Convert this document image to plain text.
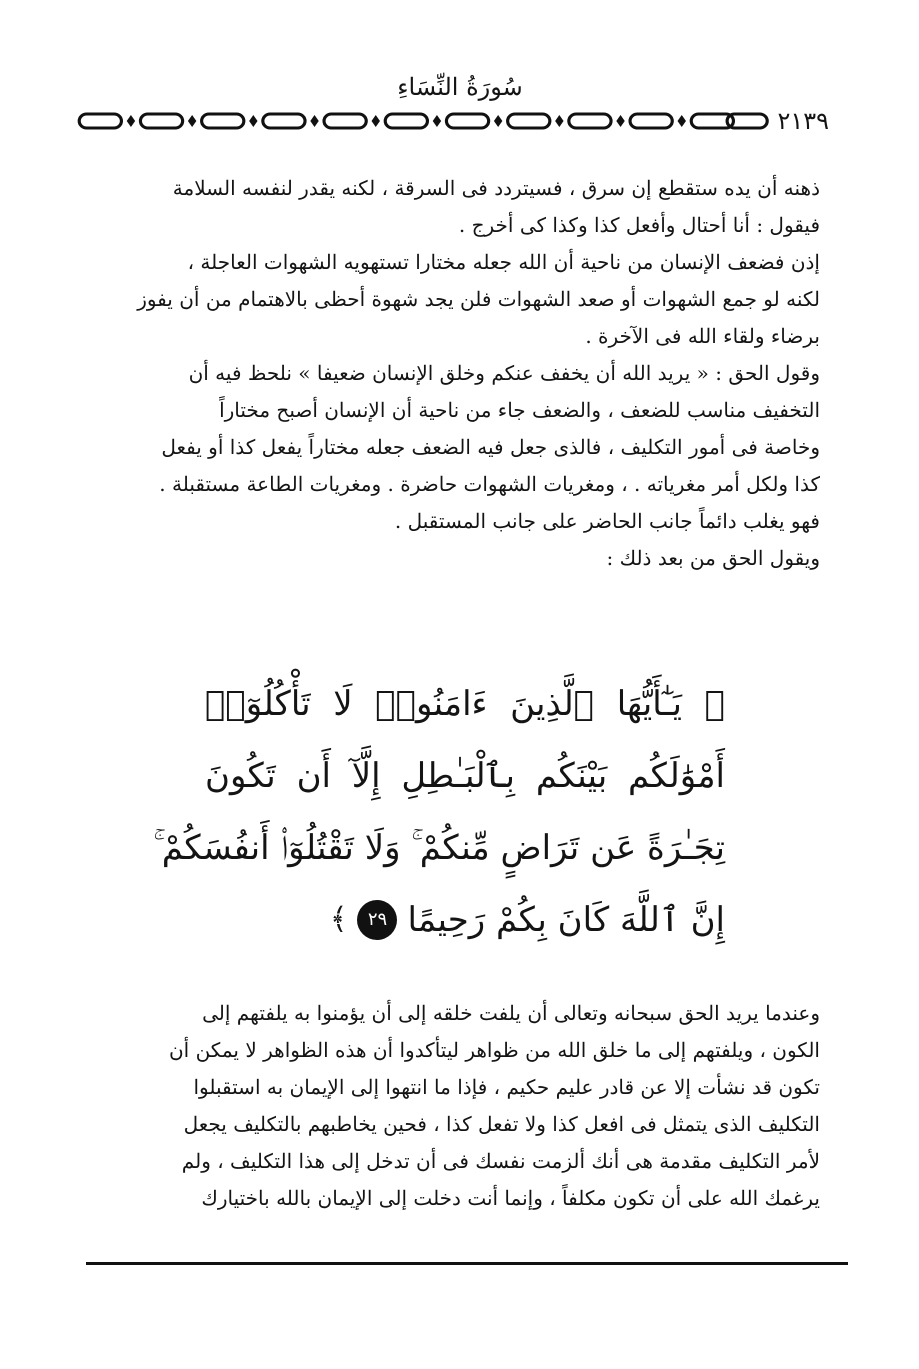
سُورَةُ النِّسَاءِ
٢١٣٩

ذهنه أن يده ستقطع إن سرق ، فسيتردد فى السرقة ، لكنه يقدر لنفسه السلامة
فيقول : أنا أحتال وأفعل كذا وكذا كى أخرج .

إذن فضعف الإنسان من ناحية أن الله جعله مختارا تستهويه الشهوات العاجلة ،
لكنه لو جمع الشهوات أو صعد الشهوات فلن يجد شهوة أحظى بالاهتمام من أن يفوز
برضاء ولقاء الله فى الآخرة .

وقول الحق : « يريد الله أن يخفف عنكم وخلق الإنسان ضعيفا » نلحظ فيه أن
التخفيف مناسب للضعف ، والضعف جاء من ناحية أن الإنسان أصبح مختاراً
وخاصة فى أمور التكليف ، فالذى جعل فيه الضعف جعله مختاراً يفعل كذا أو يفعل
كذا ولكل أمر مغرياته . ، ومغريات الشهوات حاضرة . ومغريات الطاعة مستقبلة .
فهو يغلب دائماً جانب الحاضر على جانب المستقبل .

ويقول الحق من بعد ذلك :

﴿ يَـٰٓأَيُّهَا ٱلَّذِينَ ءَامَنُوا۟ لَا تَأْكُلُوٓا۟
أَمْوَٰلَكُم بَيْنَكُم بِٱلْبَـٰطِلِ إِلَّآ أَن تَكُونَ
تِجَـٰرَةً عَن تَرَاضٍ مِّنكُمْ ۚ وَلَا تَقْتُلُوٓا۟ أَنفُسَكُمْ ۚ
إِنَّ ٱللَّهَ كَانَ بِكُمْ رَحِيمًا
٢٩
﴾

وعندما يريد الحق سبحانه وتعالى أن يلفت خلقه إلى أن يؤمنوا به يلفتهم إلى
الكون ، ويلفتهم إلى ما خلق الله من ظواهر ليتأكدوا أن هذه الظواهر لا يمكن أن
تكون قد نشأت إلا عن قادر عليم حكيم ، فإذا ما انتهوا إلى الإيمان به استقبلوا
التكليف الذى يتمثل فى افعل كذا ولا تفعل كذا ، فحين يخاطبهم بالتكليف يجعل
لأمر التكليف مقدمة هى أنك ألزمت نفسك فى أن تدخل إلى هذا التكليف ، ولم
يرغمك الله على أن تكون مكلفاً ، وإنما أنت دخلت إلى الإيمان بالله باختيارك
